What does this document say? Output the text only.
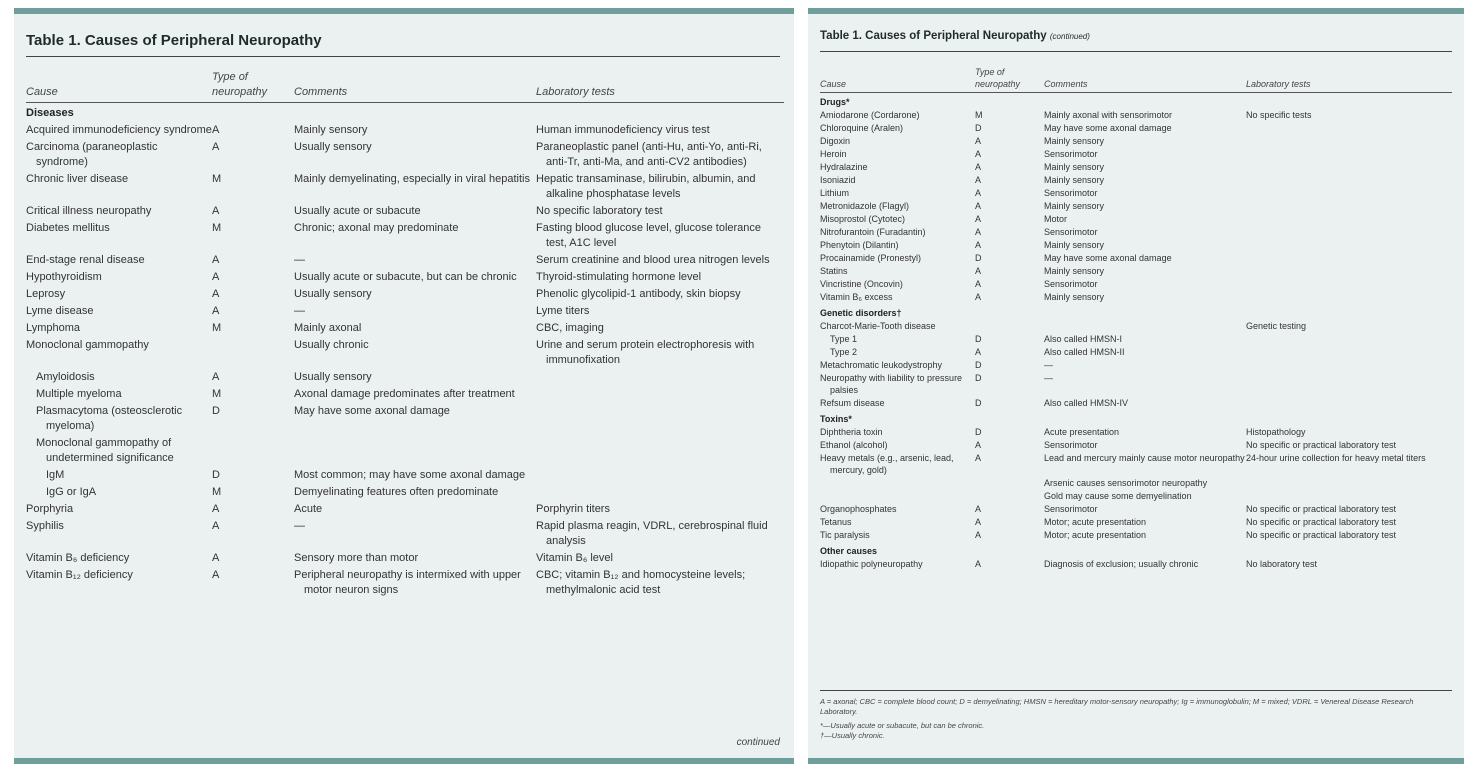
Table 1. Causes of Peripheral Neuropathy
Cause	Type of neuropathy	Comments	Laboratory tests
Diseases			
Acquired immunodeficiency syndrome	A	Mainly sensory	Human immunodeficiency virus test
Carcinoma (paraneoplastic syndrome)	A	Usually sensory	Paraneoplastic panel (anti-Hu, anti-Yo, anti-Ri, anti-Tr, anti-Ma, and anti-CV2 antibodies)
Chronic liver disease	M	Mainly demyelinating, especially in viral hepatitis	Hepatic transaminase, bilirubin, albumin, and alkaline phosphatase levels
Critical illness neuropathy	A	Usually acute or subacute	No specific laboratory test
Diabetes mellitus	M	Chronic; axonal may predominate	Fasting blood glucose level, glucose tolerance test, A1C level
End-stage renal disease	A	—	Serum creatinine and blood urea nitrogen levels
Hypothyroidism	A	Usually acute or subacute, but can be chronic	Thyroid-stimulating hormone level
Leprosy	A	Usually sensory	Phenolic glycolipid-1 antibody, skin biopsy
Lyme disease	A	—	Lyme titers
Lymphoma	M	Mainly axonal	CBC, imaging
Monoclonal gammopathy		Usually chronic	Urine and serum protein electrophoresis with immunofixation
Amyloidosis	A	Usually sensory	
Multiple myeloma	M	Axonal damage predominates after treatment	
Plasmacytoma (osteosclerotic myeloma)	D	May have some axonal damage	
Monoclonal gammopathy of undetermined significance			
IgM	D	Most common; may have some axonal damage	
IgG or IgA	M	Demyelinating features often predominate	
Porphyria	A	Acute	Porphyrin titers
Syphilis	A	—	Rapid plasma reagin, VDRL, cerebrospinal fluid analysis
Vitamin B₆ deficiency	A	Sensory more than motor	Vitamin B₆ level
Vitamin B₁₂ deficiency	A	Peripheral neuropathy is intermixed with upper motor neuron signs	CBC; vitamin B₁₂ and homocysteine levels; methylmalonic acid test
continued
Table 1. Causes of Peripheral Neuropathy (continued)
Cause	Type of neuropathy	Comments	Laboratory tests
Drugs*			
Amiodarone (Cordarone)	M	Mainly axonal with sensorimotor	No specific tests
Chloroquine (Aralen)	D	May have some axonal damage	
Digoxin	A	Mainly sensory	
Heroin	A	Sensorimotor	
Hydralazine	A	Mainly sensory	
Isoniazid	A	Mainly sensory	
Lithium	A	Sensorimotor	
Metronidazole (Flagyl)	A	Mainly sensory	
Misoprostol (Cytotec)	A	Motor	
Nitrofurantoin (Furadantin)	A	Sensorimotor	
Phenytoin (Dilantin)	A	Mainly sensory	
Procainamide (Pronestyl)	D	May have some axonal damage	
Statins	A	Mainly sensory	
Vincristine (Oncovin)	A	Sensorimotor	
Vitamin B₆ excess	A	Mainly sensory	
Genetic disorders†			
Charcot-Marie-Tooth disease			Genetic testing
Type 1	D	Also called HMSN-I	
Type 2	A	Also called HMSN-II	
Metachromatic leukodystrophy	D	—	
Neuropathy with liability to pressure palsies	D	—	
Refsum disease	D	Also called HMSN-IV	
Toxins*			
Diphtheria toxin	D	Acute presentation	Histopathology
Ethanol (alcohol)	A	Sensorimotor	No specific or practical laboratory test
Heavy metals (e.g., arsenic, lead, mercury, gold)	A	Lead and mercury mainly cause motor neuropathy	24-hour urine collection for heavy metal titers
		Arsenic causes sensorimotor neuropathy	
		Gold may cause some demyelination	
Organophosphates	A	Sensorimotor	No specific or practical laboratory test
Tetanus	A	Motor; acute presentation	No specific or practical laboratory test
Tic paralysis	A	Motor; acute presentation	No specific or practical laboratory test
Other causes			
Idiopathic polyneuropathy	A	Diagnosis of exclusion; usually chronic	No laboratory test
A = axonal; CBC = complete blood count; D = demyelinating; HMSN = hereditary motor-sensory neuropathy; Ig = immunoglobulin; M = mixed; VDRL = Venereal Disease Research Laboratory.
*—Usually acute or subacute, but can be chronic.
†—Usually chronic.
